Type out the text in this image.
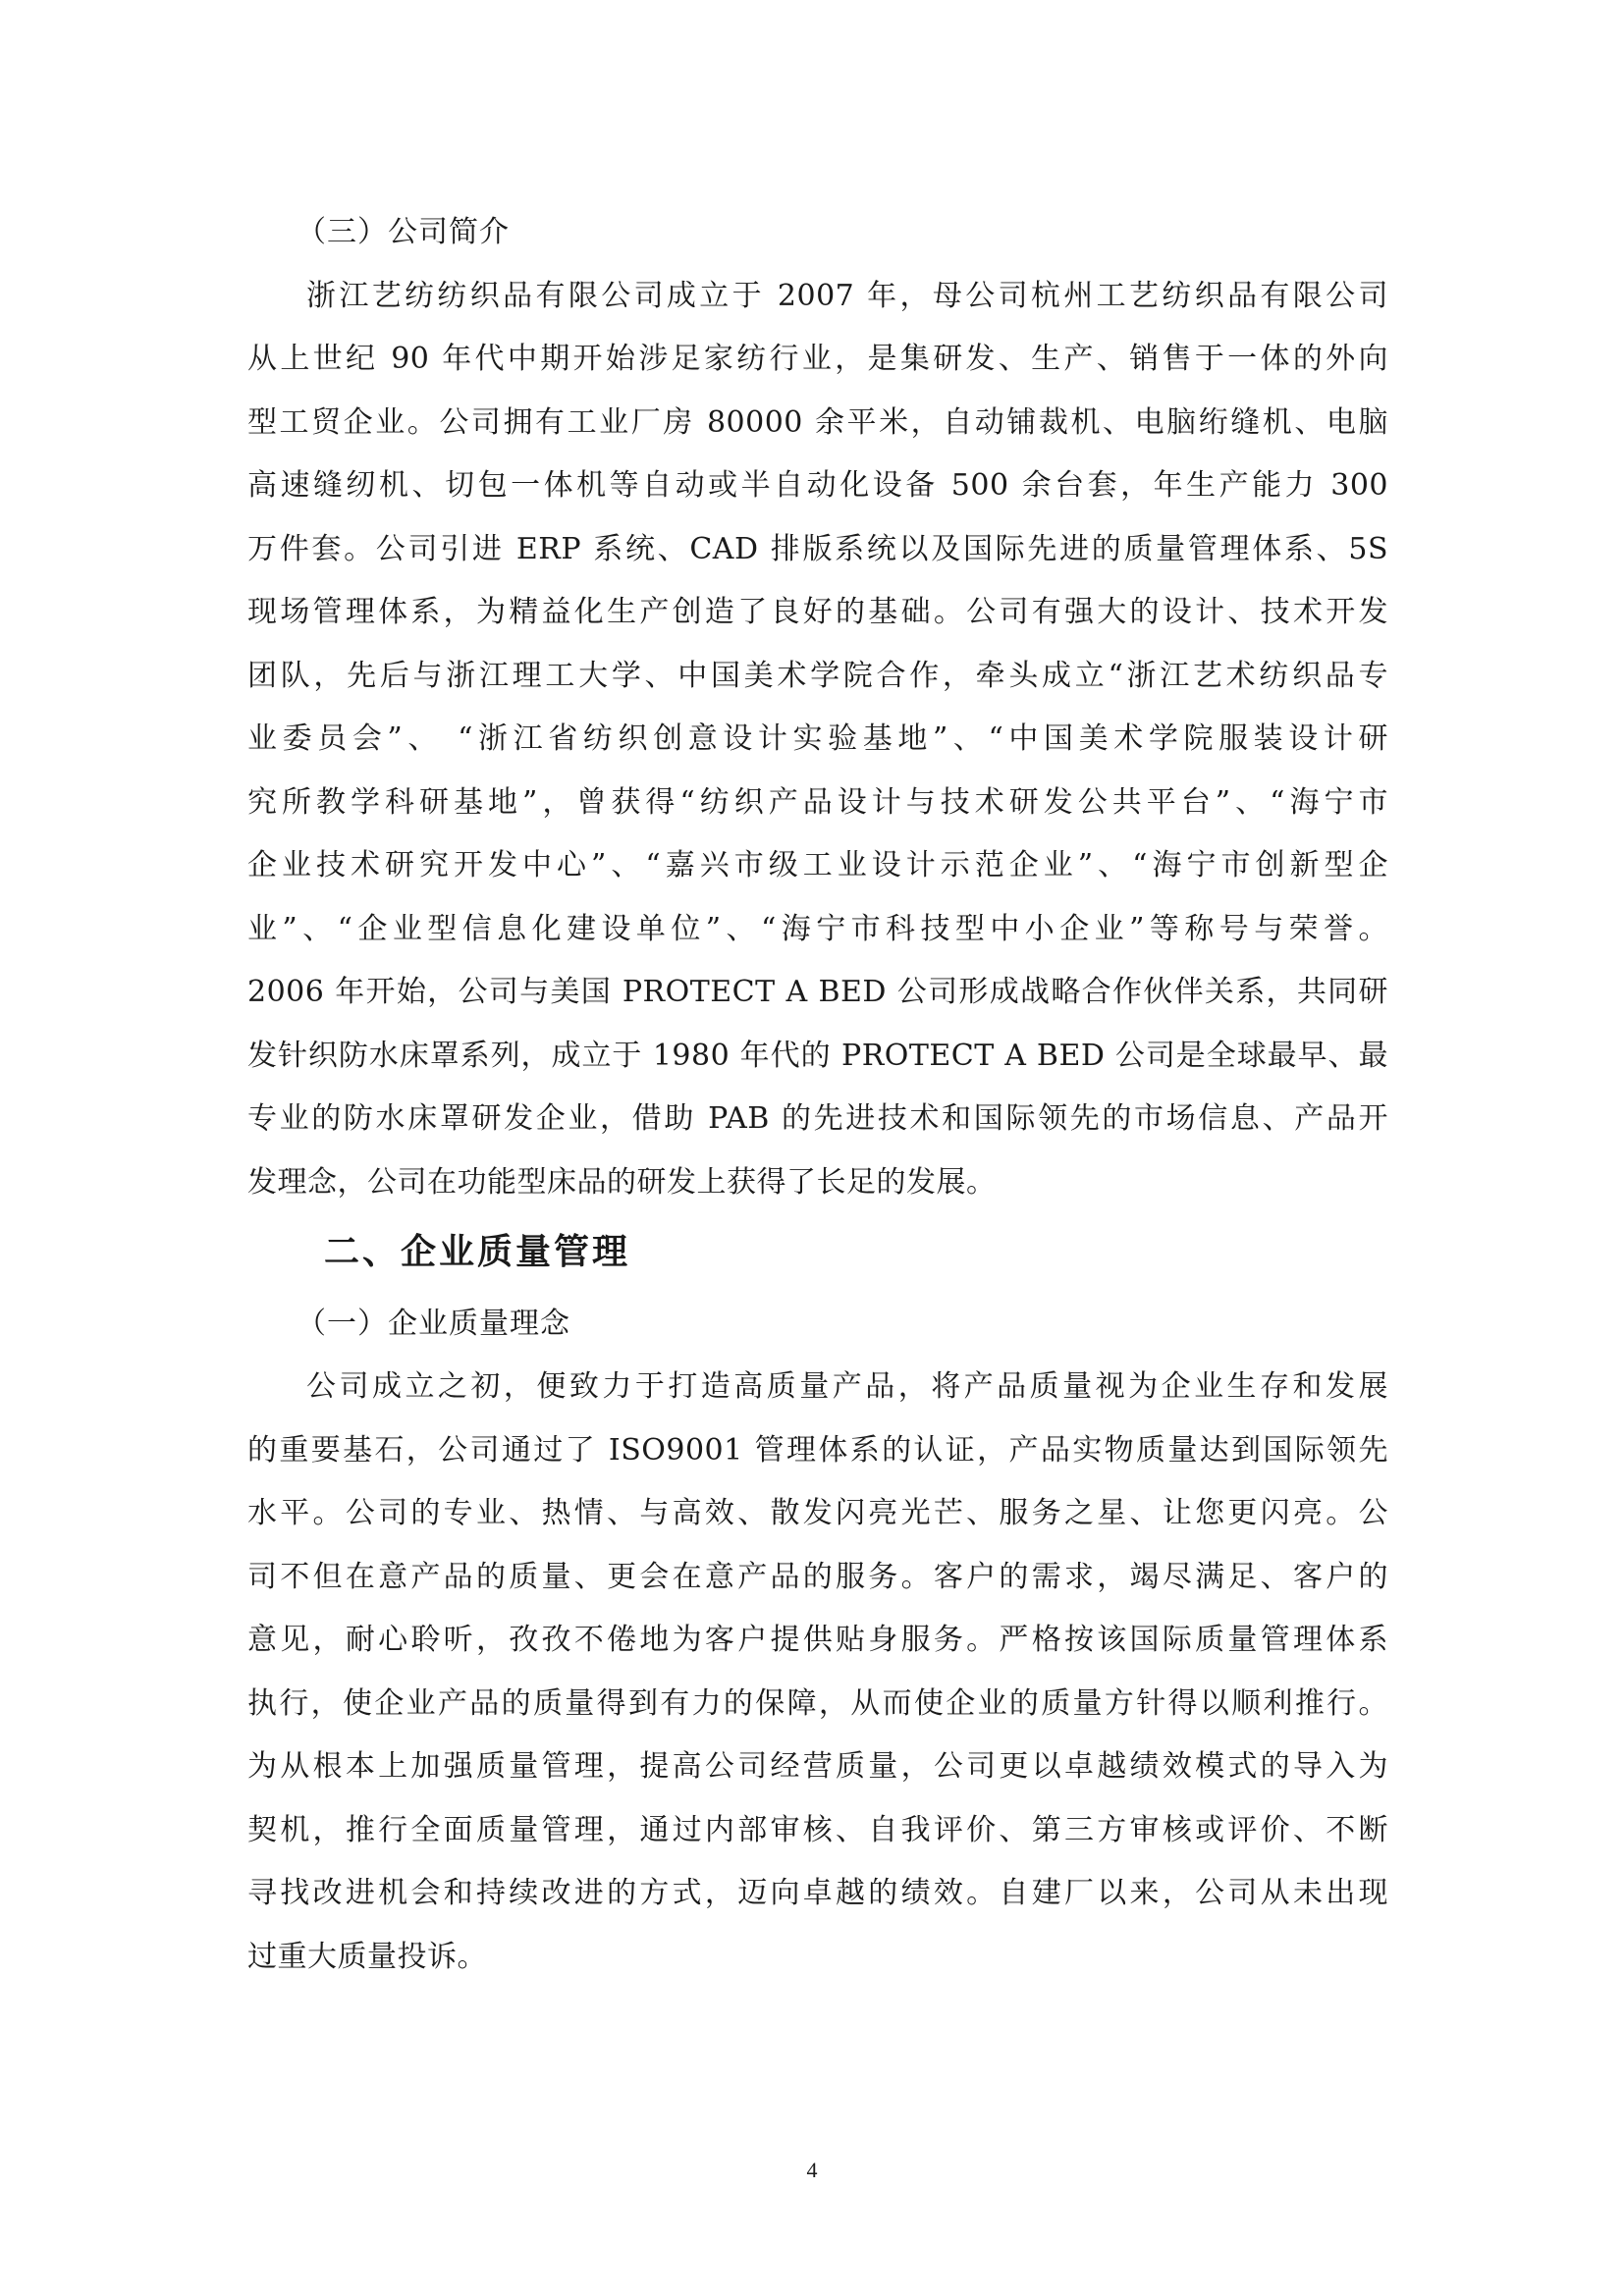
（三）公司简介
浙江艺纺纺织品有限公司成立于 2007 年，母公司杭州工艺纺织品有限公司
从上世纪 90 年代中期开始涉足家纺行业，是集研发、生产、销售于一体的外向
型工贸企业。公司拥有工业厂房 80000 余平米，自动铺裁机、电脑绗缝机、电脑
高速缝纫机、切包一体机等自动或半自动化设备 500 余台套，年生产能力 300
万件套。公司引进 ERP 系统、CAD 排版系统以及国际先进的质量管理体系、5S
现场管理体系，为精益化生产创造了良好的基础。公司有强大的设计、技术开发
团队，先后与浙江理工大学、中国美术学院合作，牵头成立“浙江艺术纺织品专
业委员会”、 “浙江省纺织创意设计实验基地”、“中国美术学院服装设计研
究所教学科研基地”，曾获得“纺织产品设计与技术研发公共平台”、“海宁市
企业技术研究开发中心”、“嘉兴市级工业设计示范企业”、“海宁市创新型企
业”、“企业型信息化建设单位”、“海宁市科技型中小企业”等称号与荣誉。
2006 年开始，公司与美国 PROTECT A BED 公司形成战略合作伙伴关系，共同研
发针织防水床罩系列，成立于 1980 年代的 PROTECT A BED 公司是全球最早、最
专业的防水床罩研发企业，借助 PAB 的先进技术和国际领先的市场信息、产品开
发理念，公司在功能型床品的研发上获得了长足的发展。
二、企业质量管理
（一）企业质量理念
公司成立之初，便致力于打造高质量产品，将产品质量视为企业生存和发展
的重要基石，公司通过了 ISO9001 管理体系的认证，产品实物质量达到国际领先
水平。公司的专业、热情、与高效、散发闪亮光芒、服务之星、让您更闪亮。公
司不但在意产品的质量、更会在意产品的服务。客户的需求，竭尽满足、客户的
意见，耐心聆听，孜孜不倦地为客户提供贴身服务。严格按该国际质量管理体系
执行，使企业产品的质量得到有力的保障，从而使企业的质量方针得以顺利推行。
为从根本上加强质量管理，提高公司经营质量，公司更以卓越绩效模式的导入为
契机，推行全面质量管理，通过内部审核、自我评价、第三方审核或评价、不断
寻找改进机会和持续改进的方式，迈向卓越的绩效。自建厂以来，公司从未出现
过重大质量投诉。
4
